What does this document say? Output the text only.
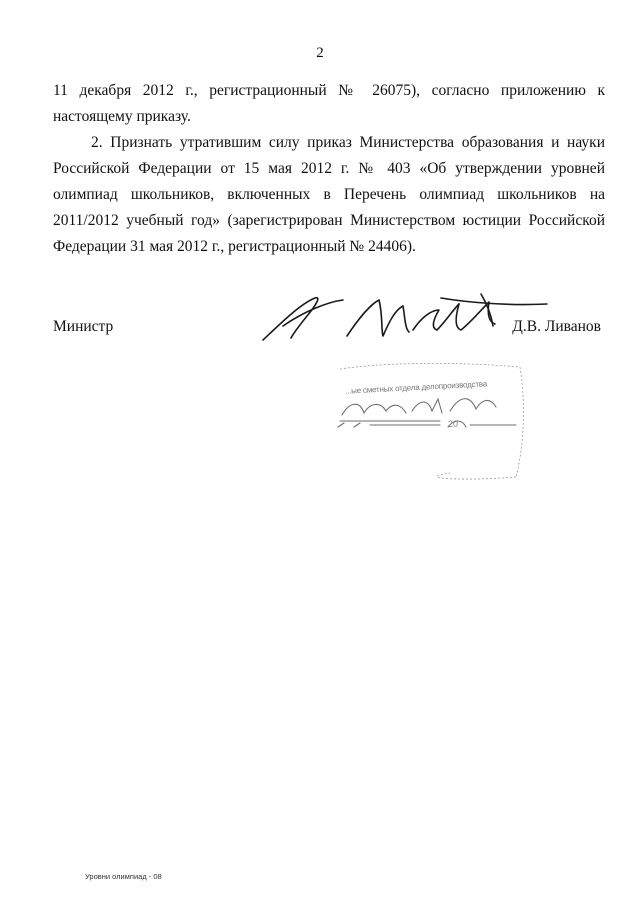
2

11 декабря 2012 г., регистрационный № 26075), согласно приложению к настоящему приказу.

2. Признать утратившим силу приказ Министерства образования и науки Российской Федерации от 15 мая 2012 г. № 403 «Об утверждении уровней олимпиад школьников, включенных в Перечень олимпиад школьников на 2011/2012 учебный год» (зарегистрирован Министерством юстиции Российской Федерации 31 мая 2012 г., регистрационный № 24406).

Министр	Д.В. Ливанов
20
...ые сметных отдела делопроизводства
Уровни олимпиад - 08
